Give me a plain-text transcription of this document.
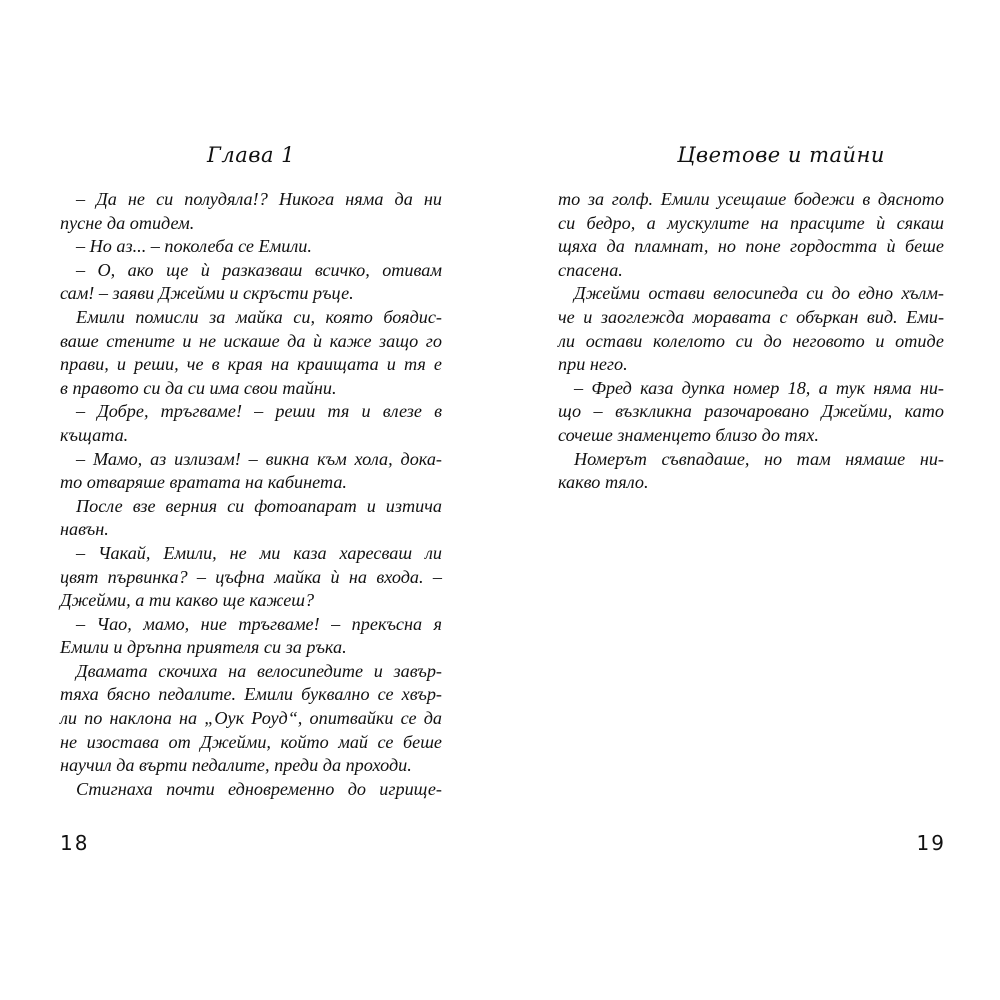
Глава 1
– Да не си полудяла!? Никога няма да ни
пусне да отидем.
– Но аз... – поколеба се Емили.
– О, ако ще ѝ разказваш всичко, отивам
сам! – заяви Джейми и скръсти ръце.
Емили помисли за майка си, която боядис-
ваше стените и не искаше да ѝ каже защо го
прави, и реши, че в края на краищата и тя е
в правото си да си има свои тайни.
– Добре, тръгваме! – реши тя и влезе в
къщата.
– Мамо, аз излизам! – викна към хола, дока-
то отваряше вратата на кабинета.
После взе верния си фотоапарат и изтича
навън.
– Чакай, Емили, не ми каза харесваш ли
цвят първинка? – цъфна майка ѝ на входа. –
Джейми, а ти какво ще кажеш?
– Чао, мамо, ние тръгваме! – прекъсна я
Емили и дръпна приятеля си за ръка.
Двамата скочиха на велосипедите и завър-
тяха бясно педалите. Емили буквално се хвър-
ли по наклона на „Оук Роуд“, опитвайки се да
не изостава от Джейми, който май се беше
научил да върти педалите, преди да проходи.
Стигнаха почти едновременно до игрище-
18
Цветове и тайни
то за голф. Емили усещаше бодежи в дясното
си бедро, а мускулите на прасците ѝ сякаш
щяха да пламнат, но поне гордостта ѝ беше
спасена.
Джейми остави велосипеда си до едно хълм-
че и заоглежда моравата с объркан вид. Еми-
ли остави колелото си до неговото и отиде
при него.
– Фред каза дупка номер 18, а тук няма ни-
що – възкликна разочаровано Джейми, като
сочеше знаменцето близо до тях.
Номерът съвпадаше, но там нямаше ни-
какво тяло.
19
